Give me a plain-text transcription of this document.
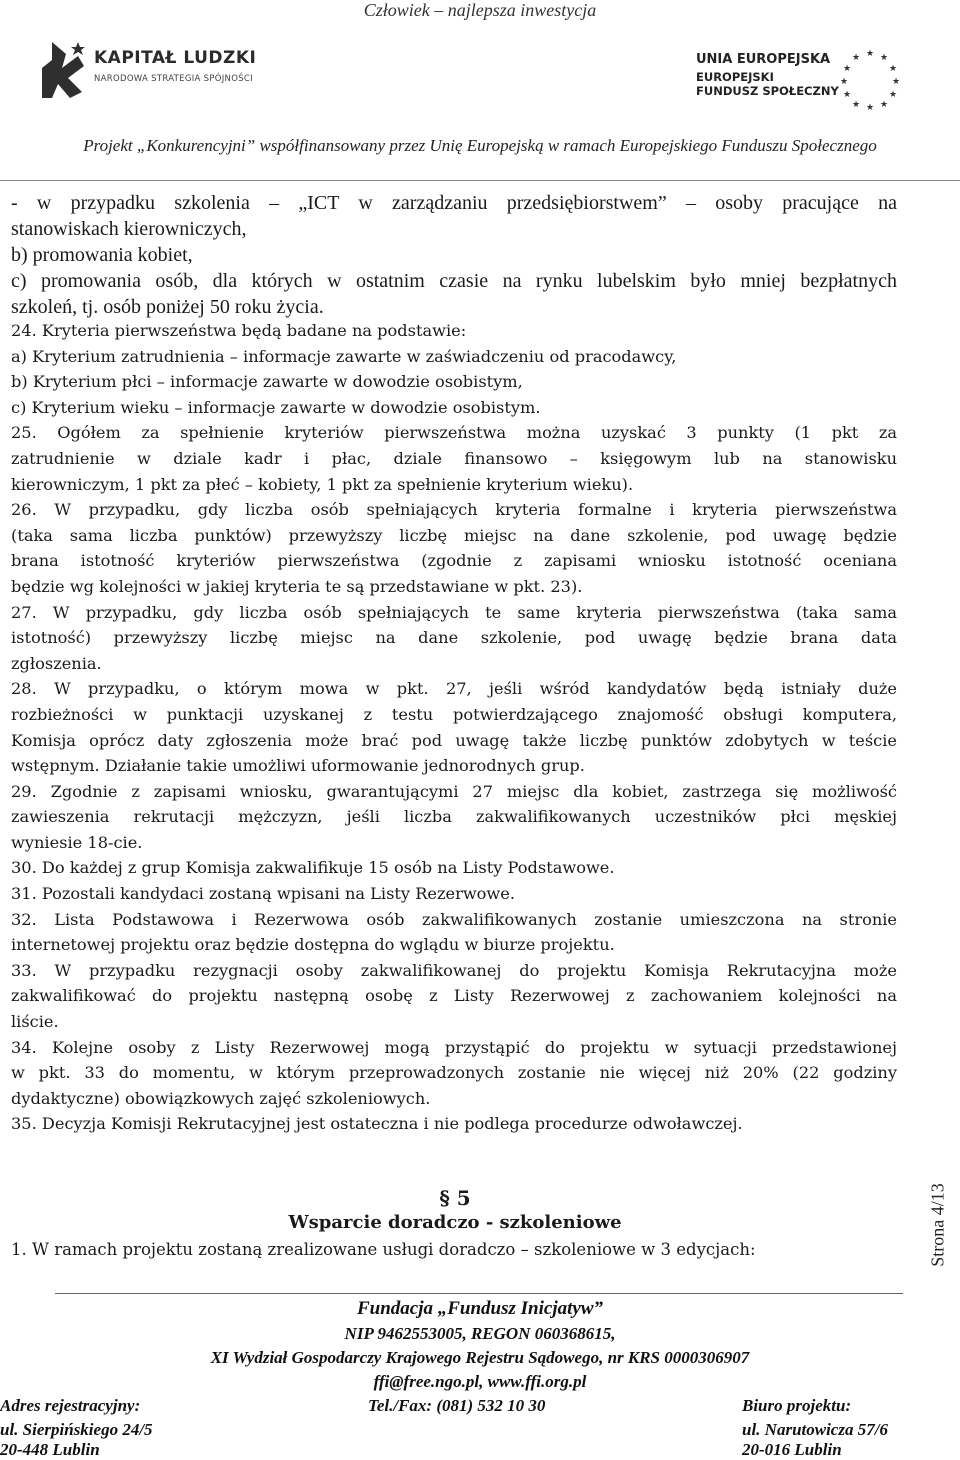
Człowiek – najlepsza inwestycja
KAPITAŁ LUDZKI
NARODOWA STRATEGIA SPÓJNOŚCI
UNIA EUROPEJSKA
EUROPEJSKI
FUNDUSZ SPOŁECZNY
★ ★
★
★
★
★
★
★
★
★
★
★
Projekt „Konkurencyjni” współfinansowany przez Unię Europejską w ramach Europejskiego Funduszu Społecznego
- w przypadku szkolenia – „ICT w zarządzaniu przedsiębiorstwem” – osoby pracujące na
stanowiskach kierowniczych,
b) promowania kobiet,
c) promowania osób, dla których w ostatnim czasie na rynku lubelskim było mniej bezpłatnych
szkoleń, tj. osób poniżej 50 roku życia.
24. Kryteria pierwszeństwa będą badane na podstawie:
a) Kryterium zatrudnienia – informacje zawarte w zaświadczeniu od pracodawcy,
b) Kryterium płci – informacje zawarte w dowodzie osobistym,
c) Kryterium wieku – informacje zawarte w dowodzie osobistym.
25. Ogółem za spełnienie kryteriów pierwszeństwa można uzyskać 3 punkty (1 pkt za
zatrudnienie w dziale kadr i płac, dziale finansowo – księgowym lub na stanowisku
kierowniczym, 1 pkt za płeć – kobiety, 1 pkt za spełnienie kryterium wieku).
26. W przypadku, gdy liczba osób spełniających kryteria formalne i kryteria pierwszeństwa
(taka sama liczba punktów) przewyższy liczbę miejsc na dane szkolenie, pod uwagę będzie
brana istotność kryteriów pierwszeństwa (zgodnie z zapisami wniosku istotność oceniana
będzie wg kolejności w jakiej kryteria te są przedstawiane w pkt. 23).
27. W przypadku, gdy liczba osób spełniających te same kryteria pierwszeństwa (taka sama
istotność) przewyższy liczbę miejsc na dane szkolenie, pod uwagę będzie brana data
zgłoszenia.
28. W przypadku, o którym mowa w pkt. 27, jeśli wśród kandydatów będą istniały duże
rozbieżności w punktacji uzyskanej z testu potwierdzającego znajomość obsługi komputera,
Komisja oprócz daty zgłoszenia może brać pod uwagę także liczbę punktów zdobytych w teście
wstępnym. Działanie takie umożliwi uformowanie jednorodnych grup.
29. Zgodnie z zapisami wniosku, gwarantującymi 27 miejsc dla kobiet, zastrzega się możliwość
zawieszenia rekrutacji mężczyzn, jeśli liczba zakwalifikowanych uczestników płci męskiej
wyniesie 18-cie.
30. Do każdej z grup Komisja zakwalifikuje 15 osób na Listy Podstawowe.
31. Pozostali kandydaci zostaną wpisani na Listy Rezerwowe.
32. Lista Podstawowa i Rezerwowa osób zakwalifikowanych zostanie umieszczona na stronie
internetowej projektu oraz będzie dostępna do wglądu w biurze projektu.
33. W przypadku rezygnacji osoby zakwalifikowanej do projektu Komisja Rekrutacyjna może
zakwalifikować do projektu następną osobę z Listy Rezerwowej z zachowaniem kolejności na
liście.
34. Kolejne osoby z Listy Rezerwowej mogą przystąpić do projektu w sytuacji przedstawionej
w pkt. 33 do momentu, w którym przeprowadzonych zostanie nie więcej niż 20% (22 godziny
dydaktyczne) obowiązkowych zajęć szkoleniowych.
35. Decyzja Komisji Rekrutacyjnej jest ostateczna i nie podlega procedurze odwoławczej.
§ 5
Wsparcie doradczo - szkoleniowe
1. W ramach projektu zostaną zrealizowane usługi doradczo – szkoleniowe w 3 edycjach:	Strona 4/13
Fundacja „Fundusz Inicjatyw”
NIP 9462553005, REGON 060368615,
XI Wydział Gospodarczy Krajowego Rejestru Sądowego, nr KRS 0000306907
ffi@free.ngo.pl, www.ffi.org.pl
Adres rejestracyjny:	Tel./Fax: (081) 532 10 30	Biuro projektu:
ul. Sierpińskiego 24/5	ul. Narutowicza 57/6
20-448 Lublin	20-016 Lublin
